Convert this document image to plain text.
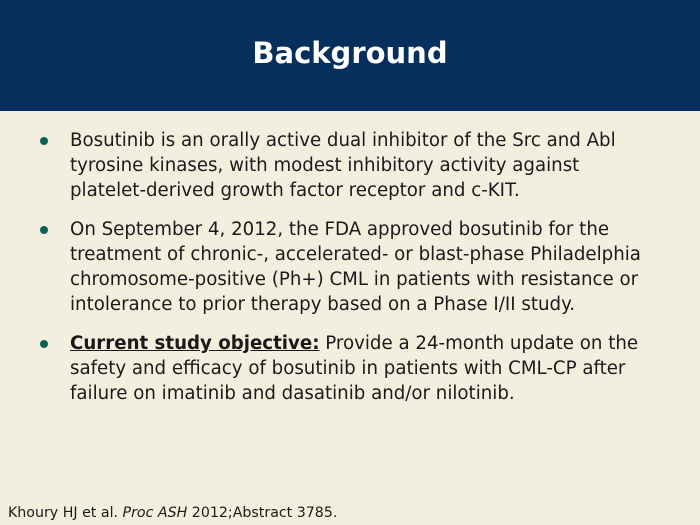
Background
Bosutinib is an orally active dual inhibitor of the Src and Abl tyrosine kinases, with modest inhibitory activity against platelet-derived growth factor receptor and c-KIT.
On September 4, 2012, the FDA approved bosutinib for the treatment of chronic-, accelerated- or blast-phase Philadelphia chromosome-positive (Ph+) CML in patients with resistance or intolerance to prior therapy based on a Phase I/II study.
Current study objective: Provide a 24-month update on the safety and efficacy of bosutinib in patients with CML-CP after failure on imatinib and dasatinib and/or nilotinib.
Khoury HJ et al. Proc ASH 2012;Abstract 3785.
